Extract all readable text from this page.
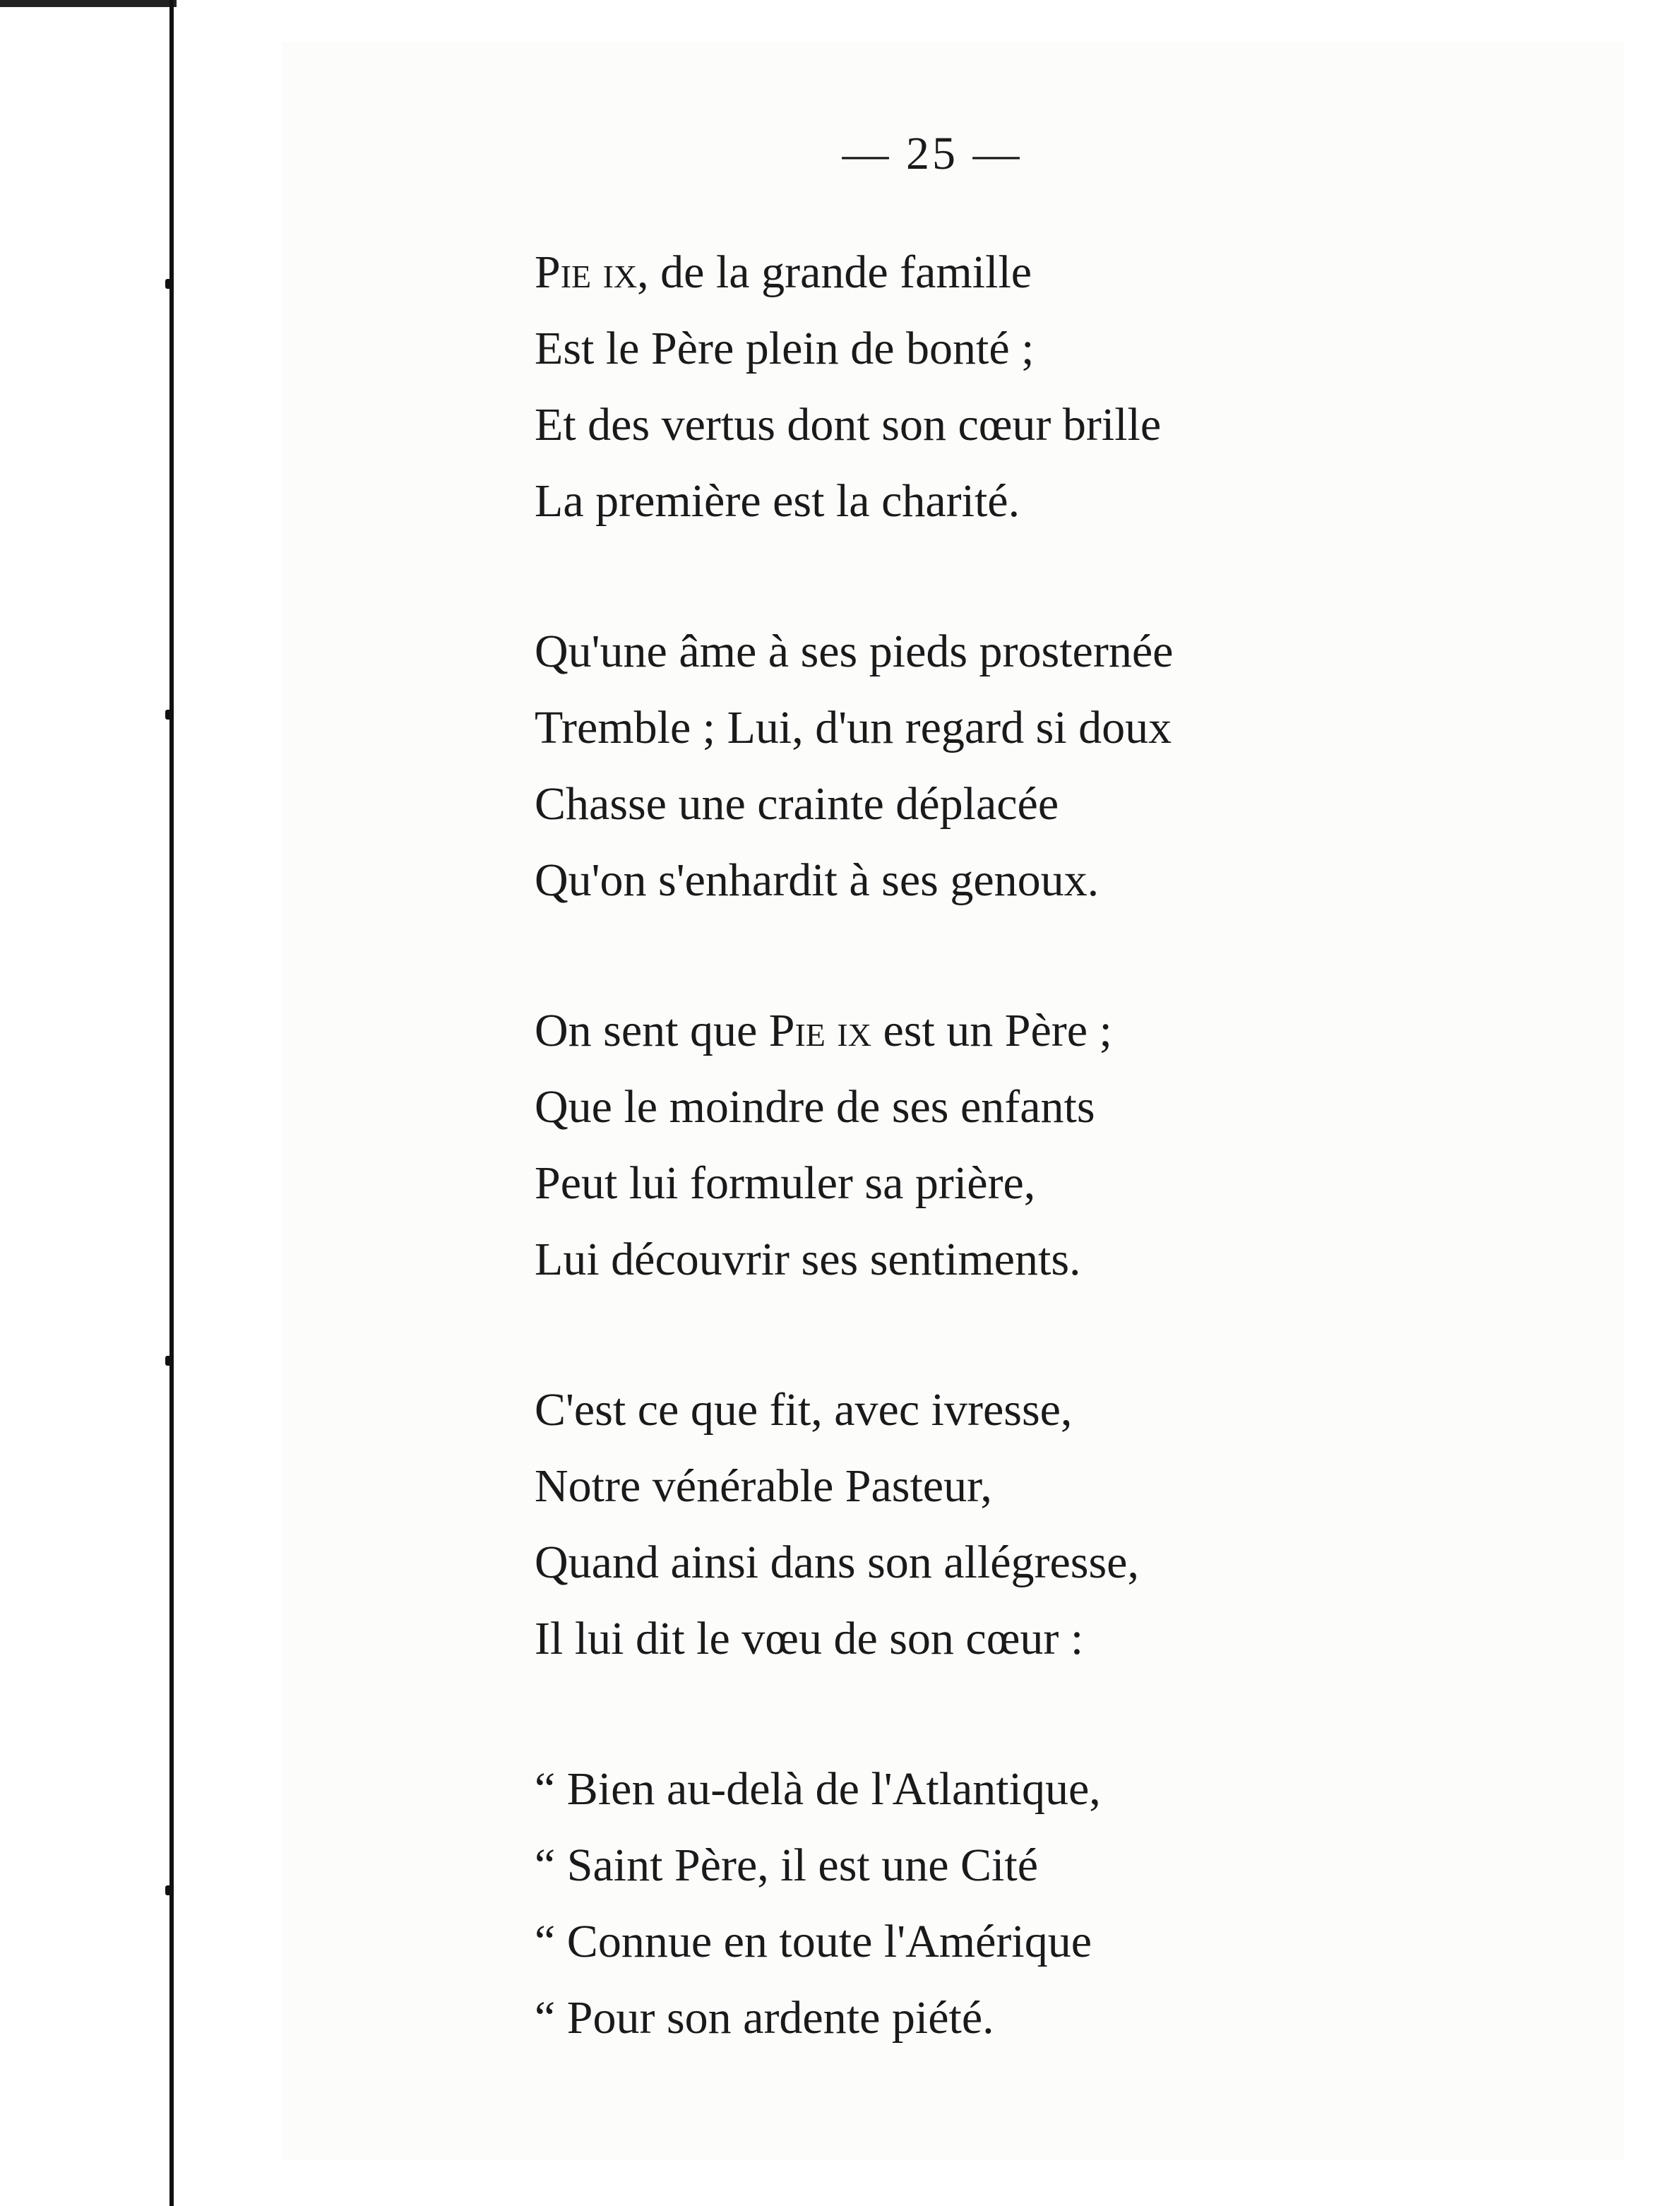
— 25 —
Pie ix, de la grande famille
Est le Père plein de bonté ;
Et des vertus dont son cœur brille
La première est la charité.
Qu'une âme à ses pieds prosternée
Tremble ; Lui, d'un regard si doux
Chasse une crainte déplacée
Qu'on s'enhardit à ses genoux.
On sent que Pie ix est un Père ;
Que le moindre de ses enfants
Peut lui formuler sa prière,
Lui découvrir ses sentiments.
C'est ce que fit, avec ivresse,
Notre vénérable Pasteur,
Quand ainsi dans son allégresse,
Il lui dit le vœu de son cœur :
“ Bien au-delà de l'Atlantique,
“ Saint Père, il est une Cité
“ Connue en toute l'Amérique
“ Pour son ardente piété.
